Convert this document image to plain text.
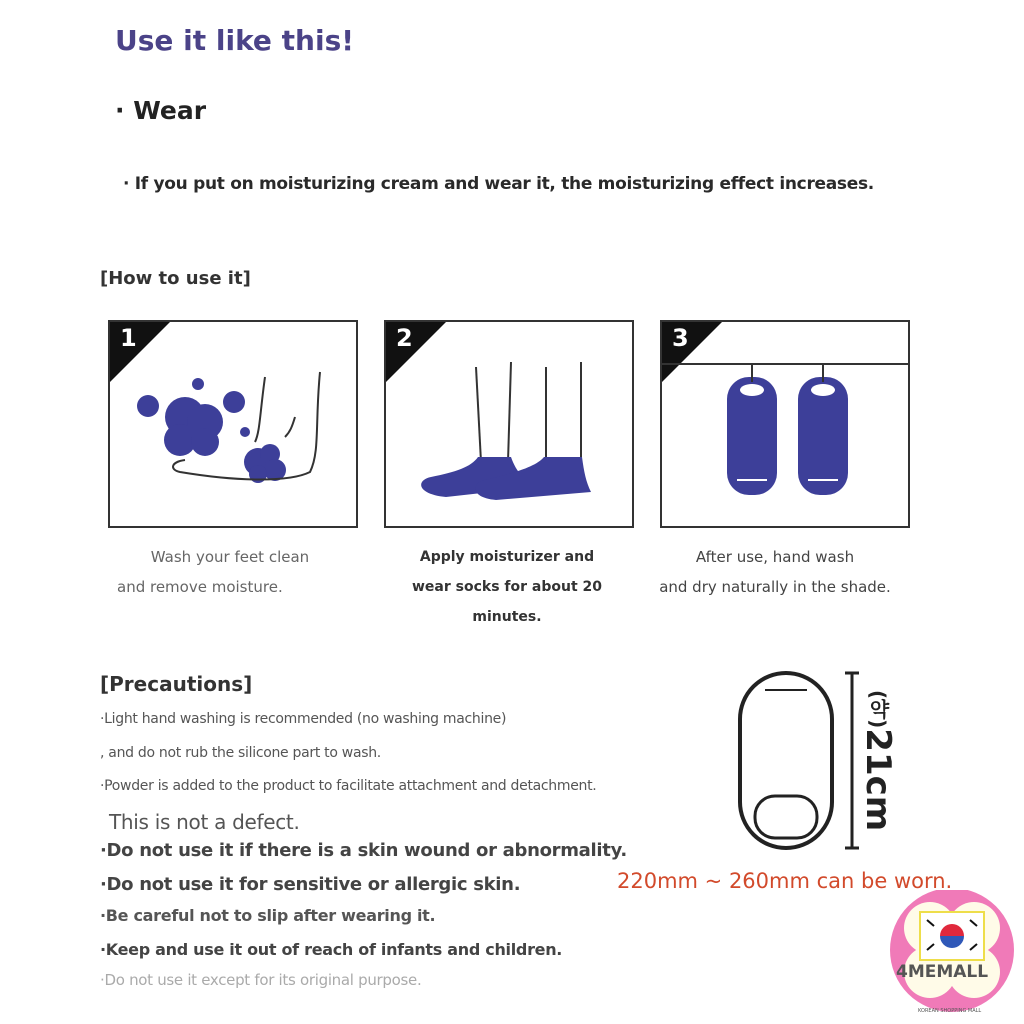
Use it like this!
· Wear
· If you put on moisturizing cream and wear it, the moisturizing effect increases.
[How to use it]
1	2	3
Wash your feet clean
and remove moisture.
Apply moisturizer and
wear socks for about 20
minutes.
After use, hand wash
and dry naturally in the shade.
[Precautions]
·Light hand washing is recommended (no washing machine)
, and do not rub the silicone part to wash.
·Powder is added to the product to facilitate attachment and detachment.
This is not a defect.
·Do not use it if there is a skin wound or abnormality.
·Do not use it for sensitive or allergic skin.
·Be careful not to slip after wearing it.
·Keep and use it out of reach of infants and children.
·Do not use it except for its original purpose.
(약)21cm
220mm ~ 260mm can be worn.
4MEMALL
KOREAN SHOPPING MALL
